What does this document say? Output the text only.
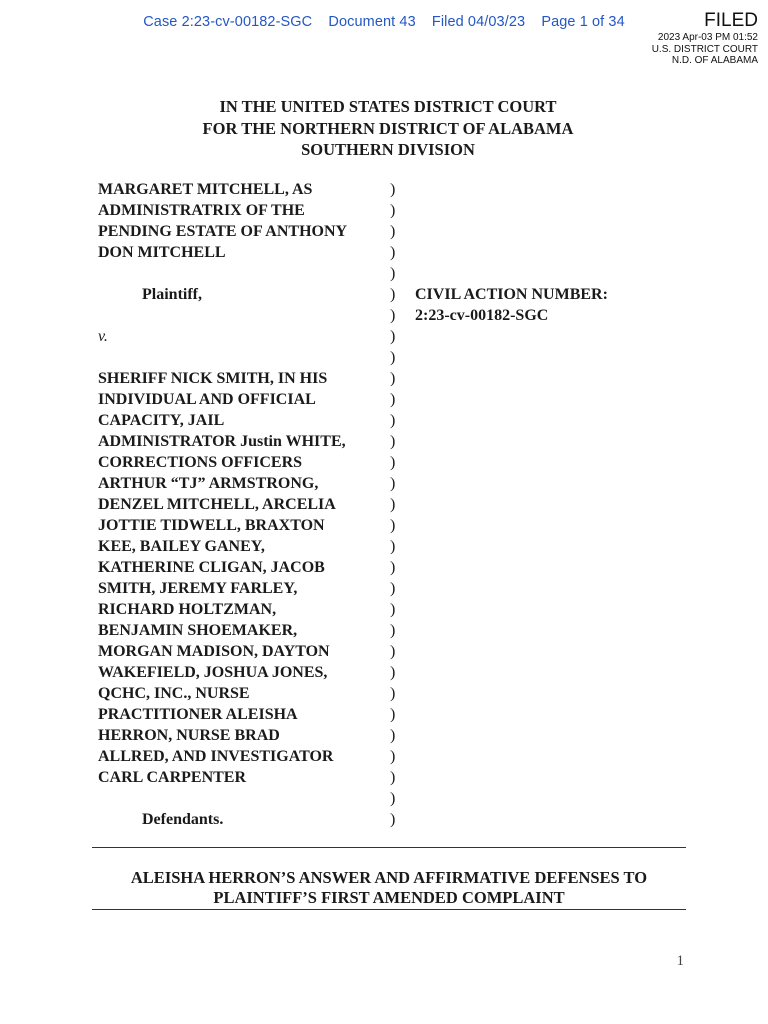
Case 2:23-cv-00182-SGC Document 43 Filed 04/03/23 Page 1 of 34	FILED
2023 Apr-03 PM 01:52
U.S. DISTRICT COURT
N.D. OF ALABAMA
IN THE UNITED STATES DISTRICT COURT
FOR THE NORTHERN DISTRICT OF ALABAMA
SOUTHERN DIVISION
MARGARET MITCHELL, AS	)
ADMINISTRATRIX OF THE	)
PENDING ESTATE OF ANTHONY	)
DON MITCHELL	)
)
Plaintiff,	)	CIVIL ACTION NUMBER:
)	2:23-cv-00182-SGC
v.	)
)
SHERIFF NICK SMITH, IN HIS	)
INDIVIDUAL AND OFFICIAL	)
CAPACITY, JAIL	)
ADMINISTRATOR Justin WHITE,	)
CORRECTIONS OFFICERS	)
ARTHUR “TJ” ARMSTRONG,	)
DENZEL MITCHELL, ARCELIA	)
JOTTIE TIDWELL, BRAXTON	)
KEE, BAILEY GANEY,	)
KATHERINE CLIGAN, JACOB	)
SMITH, JEREMY FARLEY,	)
RICHARD HOLTZMAN,	)
BENJAMIN SHOEMAKER,	)
MORGAN MADISON, DAYTON	)
WAKEFIELD, JOSHUA JONES,	)
QCHC, INC., NURSE	)
PRACTITIONER ALEISHA	)
HERRON, NURSE BRAD	)
ALLRED, AND INVESTIGATOR	)
CARL CARPENTER	)
)
Defendants.	)
ALEISHA HERRON’S ANSWER AND AFFIRMATIVE DEFENSES TO
PLAINTIFF’S FIRST AMENDED COMPLAINT
1
